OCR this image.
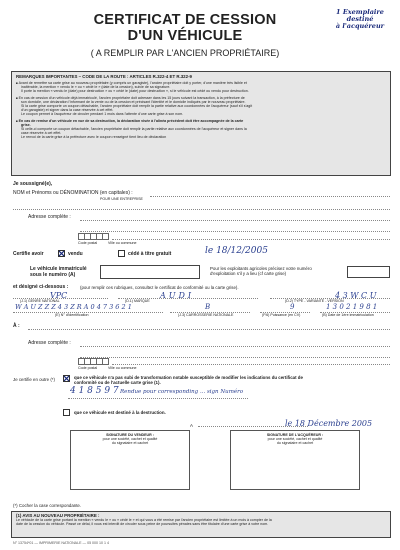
CERTIFICAT DE CESSION
D'UN VÉHICULE
( A REMPLIR PAR L'ANCIEN PROPRIÉTAIRE)
1 Exemplaire
destiné
à l'acquéreur
REMARQUES IMPORTANTES – CODE DE LA ROUTE : ARTICLES R.322-4 ET R.322-9
■ Avant de remettre sa carte grise au nouveau propriétaire (y compris un garagiste), l'ancien propriétaire doit y porter, d'une manière très lisible et
inaltérable, la mention « vendu le » ou « cédé le » (date de la cession), suivie de sa signature.
Il porte la mention « vendu le (date) pour destruction » ou « cédé le (date) pour destruction », si le véhicule est cédé ou vendu pour destruction.
■ En cas de cession d'un véhicule déjà immatriculé, l'ancien propriétaire doit adresser dans les 15 jours suivant la transaction, à la préfecture de
son domicile, une déclaration l'informant de la vente ou de la cession et précisant l'identité et le domicile indiqués par le nouveau propriétaire.
Si la carte grise comporte un coupon détachable, l'ancien propriétaire doit remplir la partie relative aux coordonnées de l'acquéreur (sauf s'il s'agit
d'un garagiste) et signer dans la case réservée à cet effet.
Le coupon permet à l'acquéreur de circuler pendant 1 mois dans l'attente d'une carte grise à son nom.
■ En cas de remise d'un véhicule en vue de sa destruction, la déclaration visée à l'alinéa précédent doit être accompagnée de la carte
grise.
Si celle-ci comporte un coupon détachable, l'ancien propriétaire doit remplir la partie relative aux coordonnées de l'acquéreur et signer dans la
case réservée à cet effet.
Le renvoi de la carte grise à la préfecture avec le coupon renseigné tient lieu de déclaration
Je soussigné(e),
NOM et Prénoms ou DÉNOMINATION (en capitales) :
POUR UNE ENTREPRISE
Adresse complète :
Code postal	Ville ou commune
Certifie avoir	vendu	cédé à titre gratuit	le 18/12/2005
Le véhicule immatriculé
sous le numéro (A)
Pour les exploitants agricoles précisez votre numéro
d'exploitation s'il y a lieu (cf carte grise)
et désigné ci-dessous :	(pour remplir ces rubriques, consultez le certificat de conformité ou la carte grise).
VPC	AUDI	4 3 W C U
(J.1) GENRE NATIONAL	(D.1) MARQUE	(D.2) TYPE - VARIANTE - VERSION
W A U Z Z Z 4 3 Z R A 0 4 7 3 6 2 1	B	9	1 3 0 2 1 9 8 1
(E) N° d'identification	(J.3) CARROSSERIE NATIONALE	(P.6) Puissance (en CV)	(B) Date de 1ère immatriculation
À :
Adresse complète :
Code postal	Ville ou commune
Je certifie en outre (*)	que ce véhicule n'a pas subi de transformation notable susceptible de modifier les indications du certificat de
conformité ou de l'actuelle carte grise (1).
4 1 8 5 9 7 Rendue pour corresponding ... sign Numéro
que ce véhicule est destiné à la destruction.
A	le 18 Décembre 2005
SIGNATURE DU VENDEUR :
pour une société, cachet et qualité
du signataire et cachet
SIGNATURE DE L'ACQUÉREUR :
pour une société, cachet et qualité
du signataire et cachet
(*) Cocher la case correspondante.
(1) AVIS AU NOUVEAU PROPRIÉTAIRE :
Le véhicule de la carte grise portant la mention « vendu le » ou « cédé le » et qui vous a été remise par l'ancien propriétaire est limitée à un mois à compter de la
date de la cession du véhicule. Passé ce délai, il vous est interdit de circuler sous peine de poursuites pénales sans être titulaire d'une carte grise à votre nom.
N° 13754*01 — IMPRIMERIE NATIONALE — 05 000 10 1 4
